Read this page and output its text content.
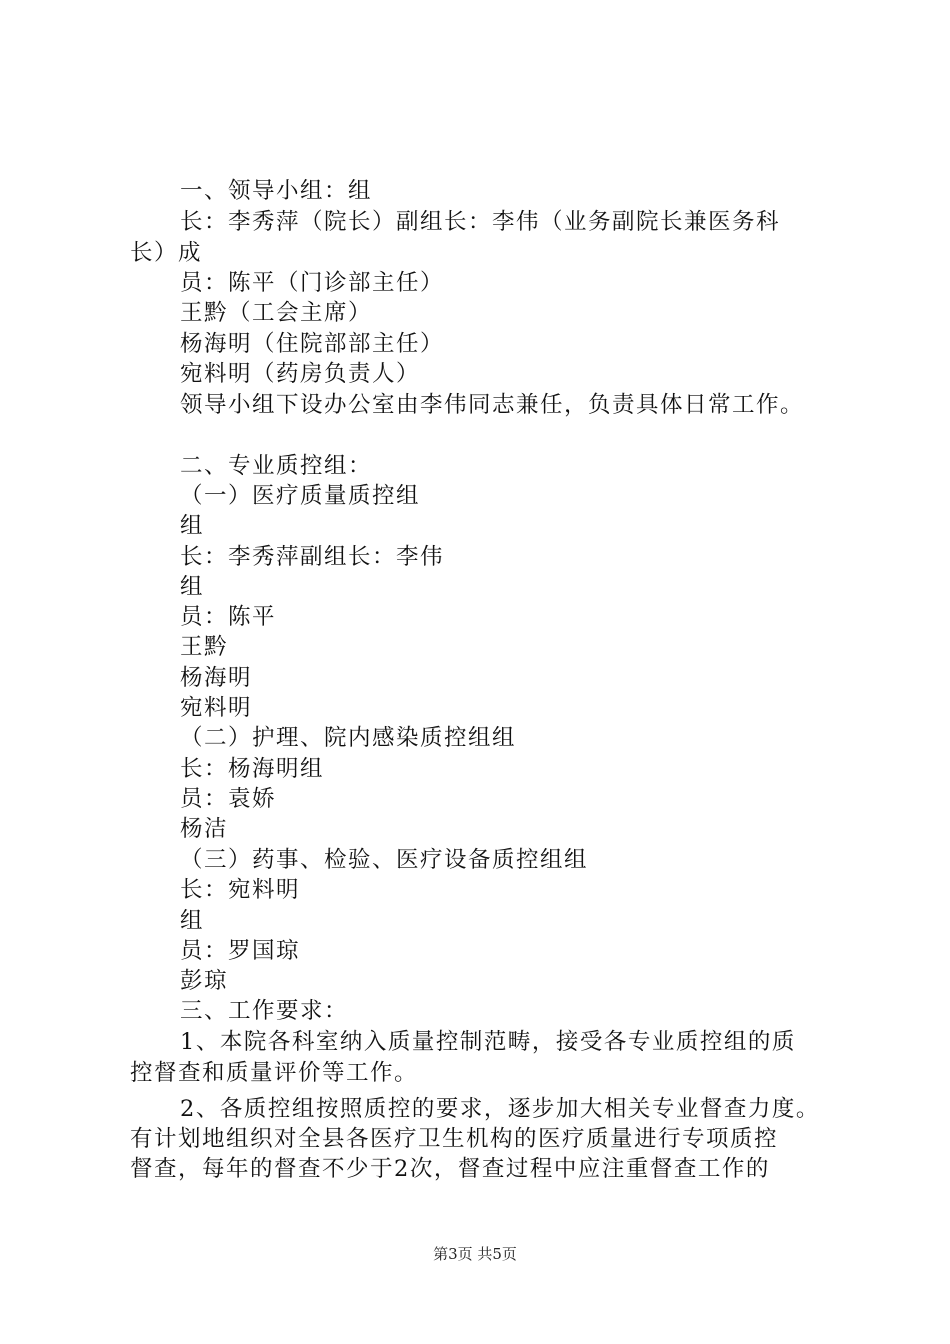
一、领导小组：组
长：李秀萍（院长）副组长：李伟（业务副院长兼医务科
长）成
员：陈平（门诊部主任）
王黔（工会主席）
杨海明（住院部部主任）
宛料明（药房负责人）
领导小组下设办公室由李伟同志兼任，负责具体日常工作。
二、专业质控组：
（一）医疗质量质控组
组
长：李秀萍副组长：李伟
组
员：陈平
王黔
杨海明
宛料明
（二）护理、院内感染质控组组
长：杨海明组
员：袁娇
杨洁
（三）药事、检验、医疗设备质控组组
长：宛料明
组
员：罗国琼
彭琼
三、工作要求：
1、本院各科室纳入质量控制范畴，接受各专业质控组的质
控督查和质量评价等工作。
2、各质控组按照质控的要求，逐步加大相关专业督查力度。
有计划地组织对全县各医疗卫生机构的医疗质量进行专项质控
督查，每年的督查不少于2次，督查过程中应注重督查工作的
第3页 共5页
